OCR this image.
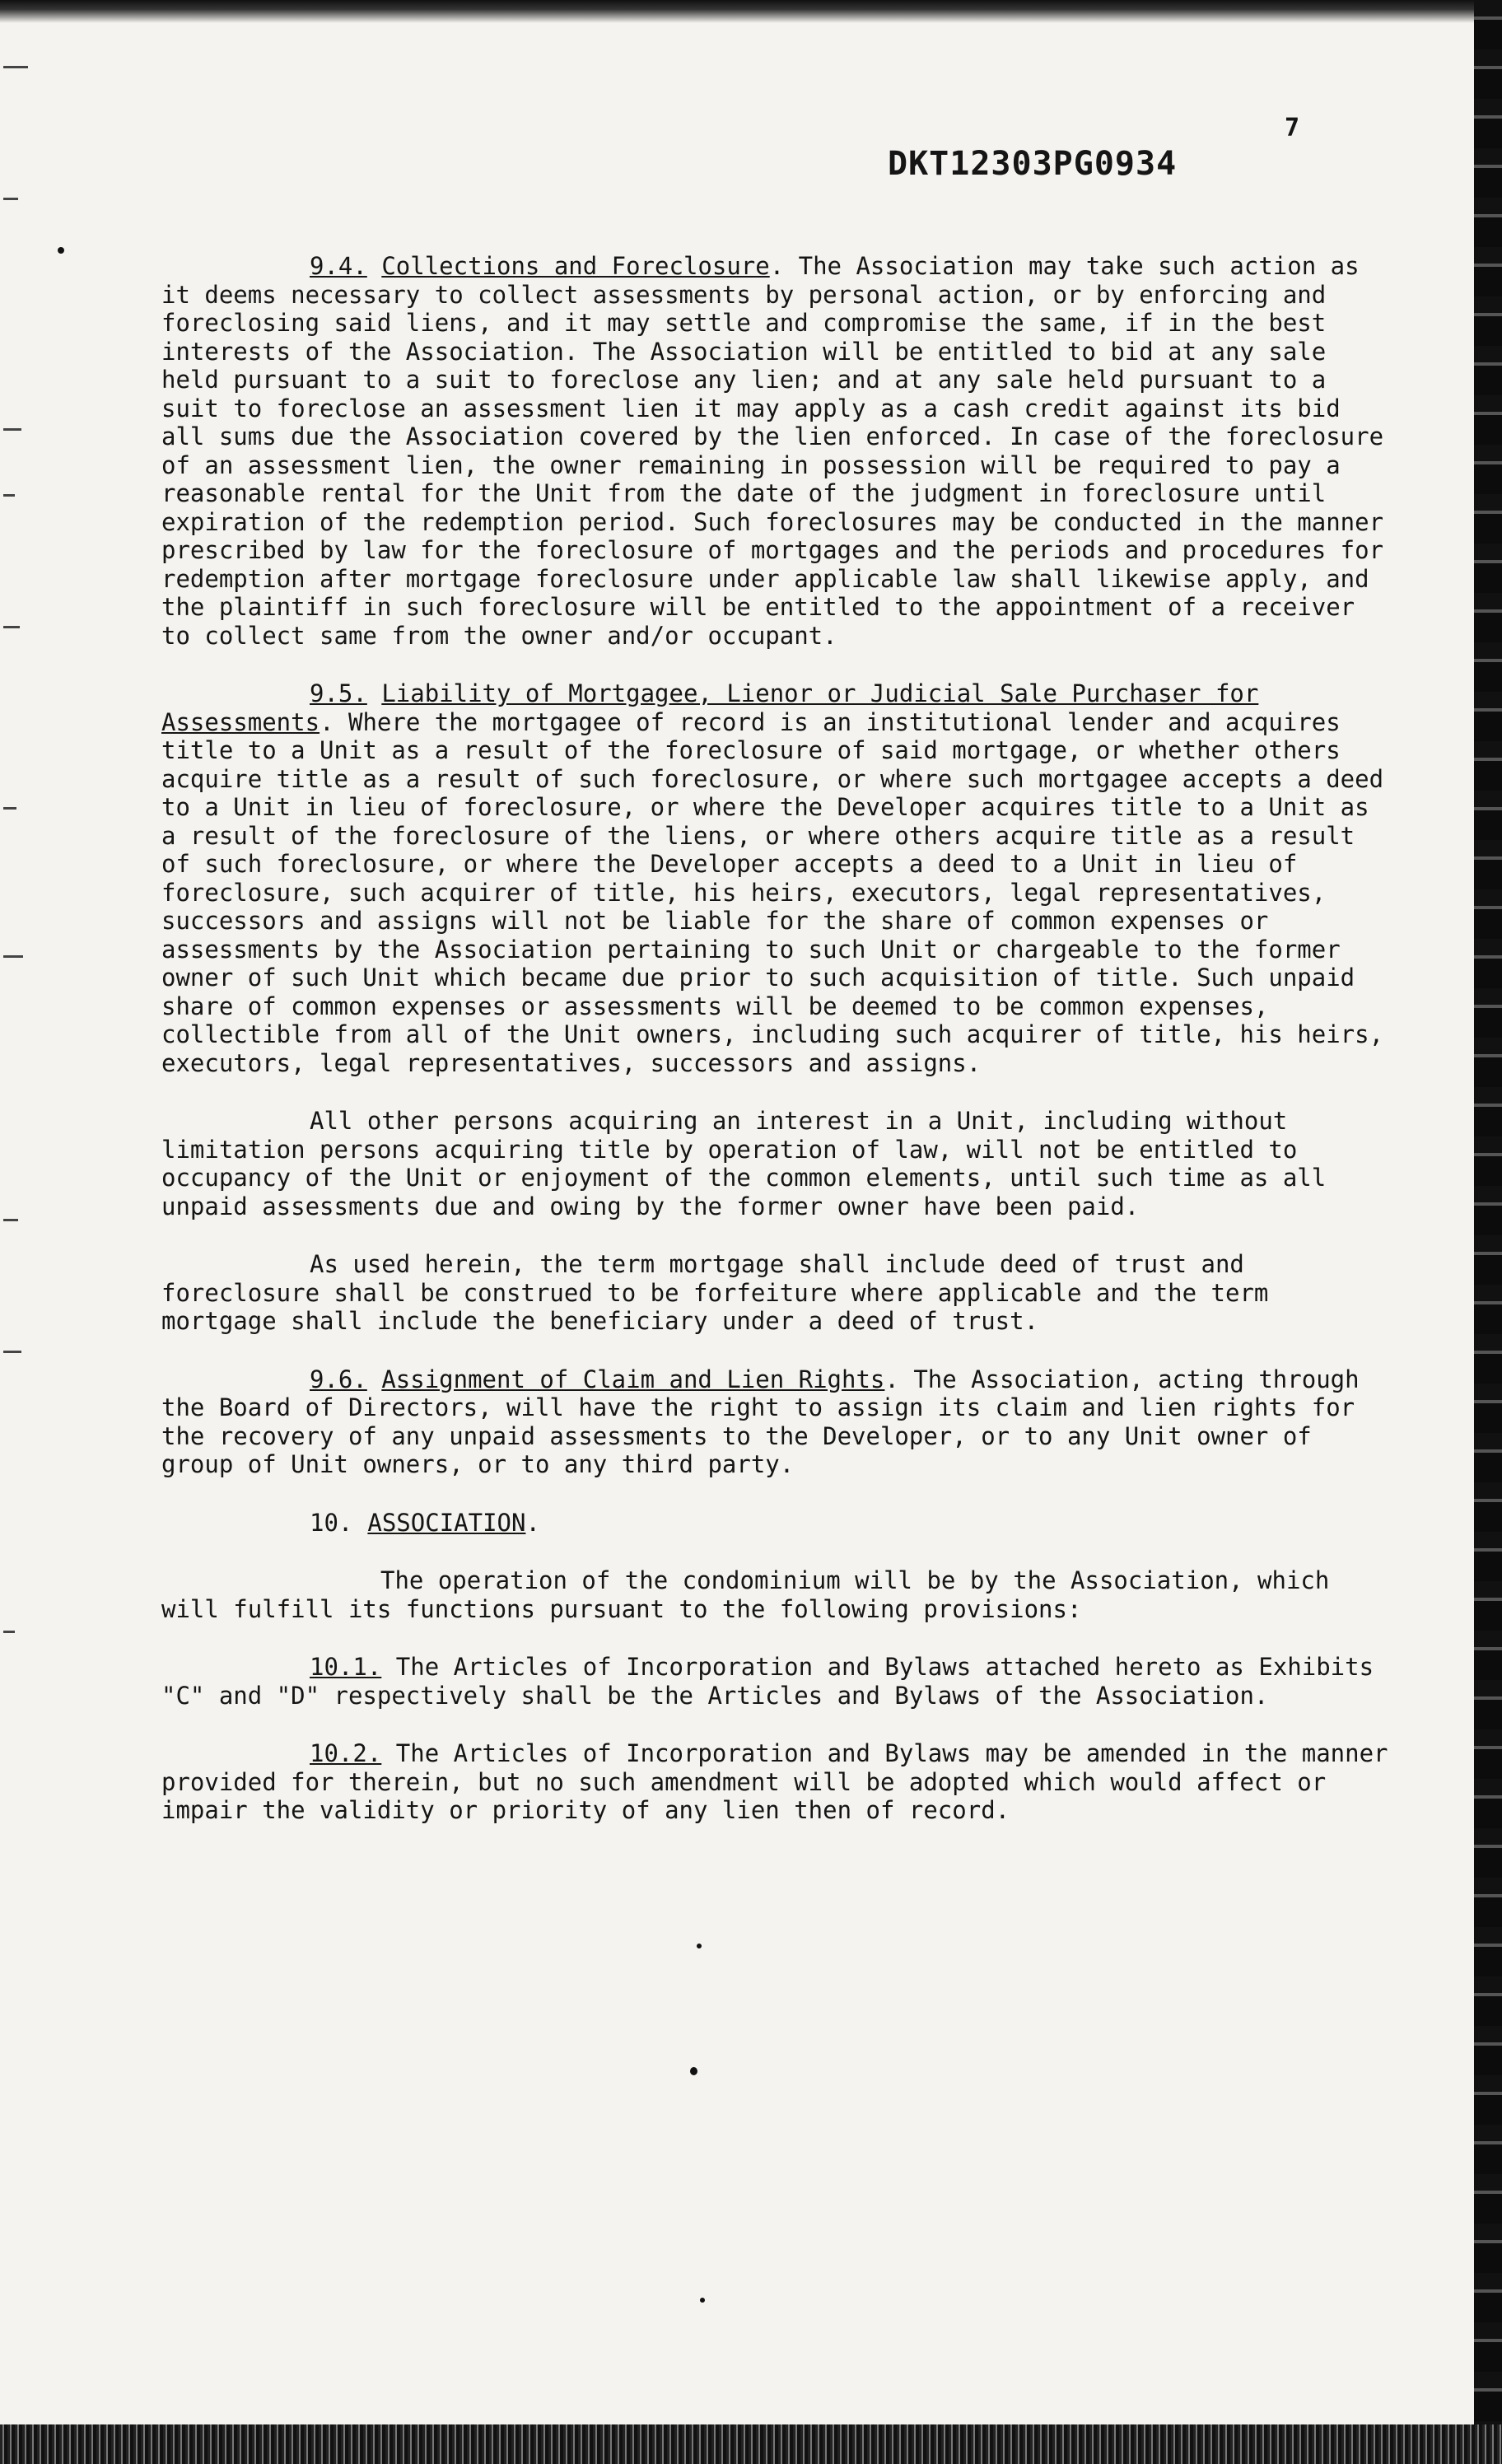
7
DKT12303PG0934

9.4. Collections and Foreclosure. The Association may take such action as it deems necessary to collect assessments by personal action, or by enforcing and foreclosing said liens, and it may settle and compromise the same, if in the best interests of the Association. The Association will be entitled to bid at any sale held pursuant to a suit to foreclose any lien; and at any sale held pursuant to a suit to foreclose an assessment lien it may apply as a cash credit against its bid all sums due the Association covered by the lien enforced. In case of the foreclosure of an assessment lien, the owner remaining in possession will be required to pay a reasonable rental for the Unit from the date of the judgment in foreclosure until expiration of the redemption period. Such foreclosures may be conducted in the manner prescribed by law for the foreclosure of mortgages and the periods and procedures for redemption after mortgage foreclosure under applicable law shall likewise apply, and the plaintiff in such foreclosure will be entitled to the appointment of a receiver to collect same from the owner and/or occupant.

9.5. Liability of Mortgagee, Lienor or Judicial Sale Purchaser for Assessments. Where the mortgagee of record is an institutional lender and acquires title to a Unit as a result of the foreclosure of said mortgage, or whether others acquire title as a result of such foreclosure, or where such mortgagee accepts a deed to a Unit in lieu of foreclosure, or where the Developer acquires title to a Unit as a result of the foreclosure of the liens, or where others acquire title as a result of such foreclosure, or where the Developer accepts a deed to a Unit in lieu of foreclosure, such acquirer of title, his heirs, executors, legal representatives, successors and assigns will not be liable for the share of common expenses or assessments by the Association pertaining to such Unit or chargeable to the former owner of such Unit which became due prior to such acquisition of title. Such unpaid share of common expenses or assessments will be deemed to be common expenses, collectible from all of the Unit owners, including such acquirer of title, his heirs, executors, legal representatives, successors and assigns.

All other persons acquiring an interest in a Unit, including without limitation persons acquiring title by operation of law, will not be entitled to occupancy of the Unit or enjoyment of the common elements, until such time as all unpaid assessments due and owing by the former owner have been paid.

As used herein, the term mortgage shall include deed of trust and foreclosure shall be construed to be forfeiture where applicable and the term mortgage shall include the beneficiary under a deed of trust.

9.6. Assignment of Claim and Lien Rights. The Association, acting through the Board of Directors, will have the right to assign its claim and lien rights for the recovery of any unpaid assessments to the Developer, or to any Unit owner of group of Unit owners, or to any third party.

10. ASSOCIATION.

The operation of the condominium will be by the Association, which will fulfill its functions pursuant to the following provisions:

10.1. The Articles of Incorporation and Bylaws attached hereto as Exhibits "C" and "D" respectively shall be the Articles and Bylaws of the Association.

10.2. The Articles of Incorporation and Bylaws may be amended in the manner provided for therein, but no such amendment will be adopted which would affect or impair the validity or priority of any lien then of record.
